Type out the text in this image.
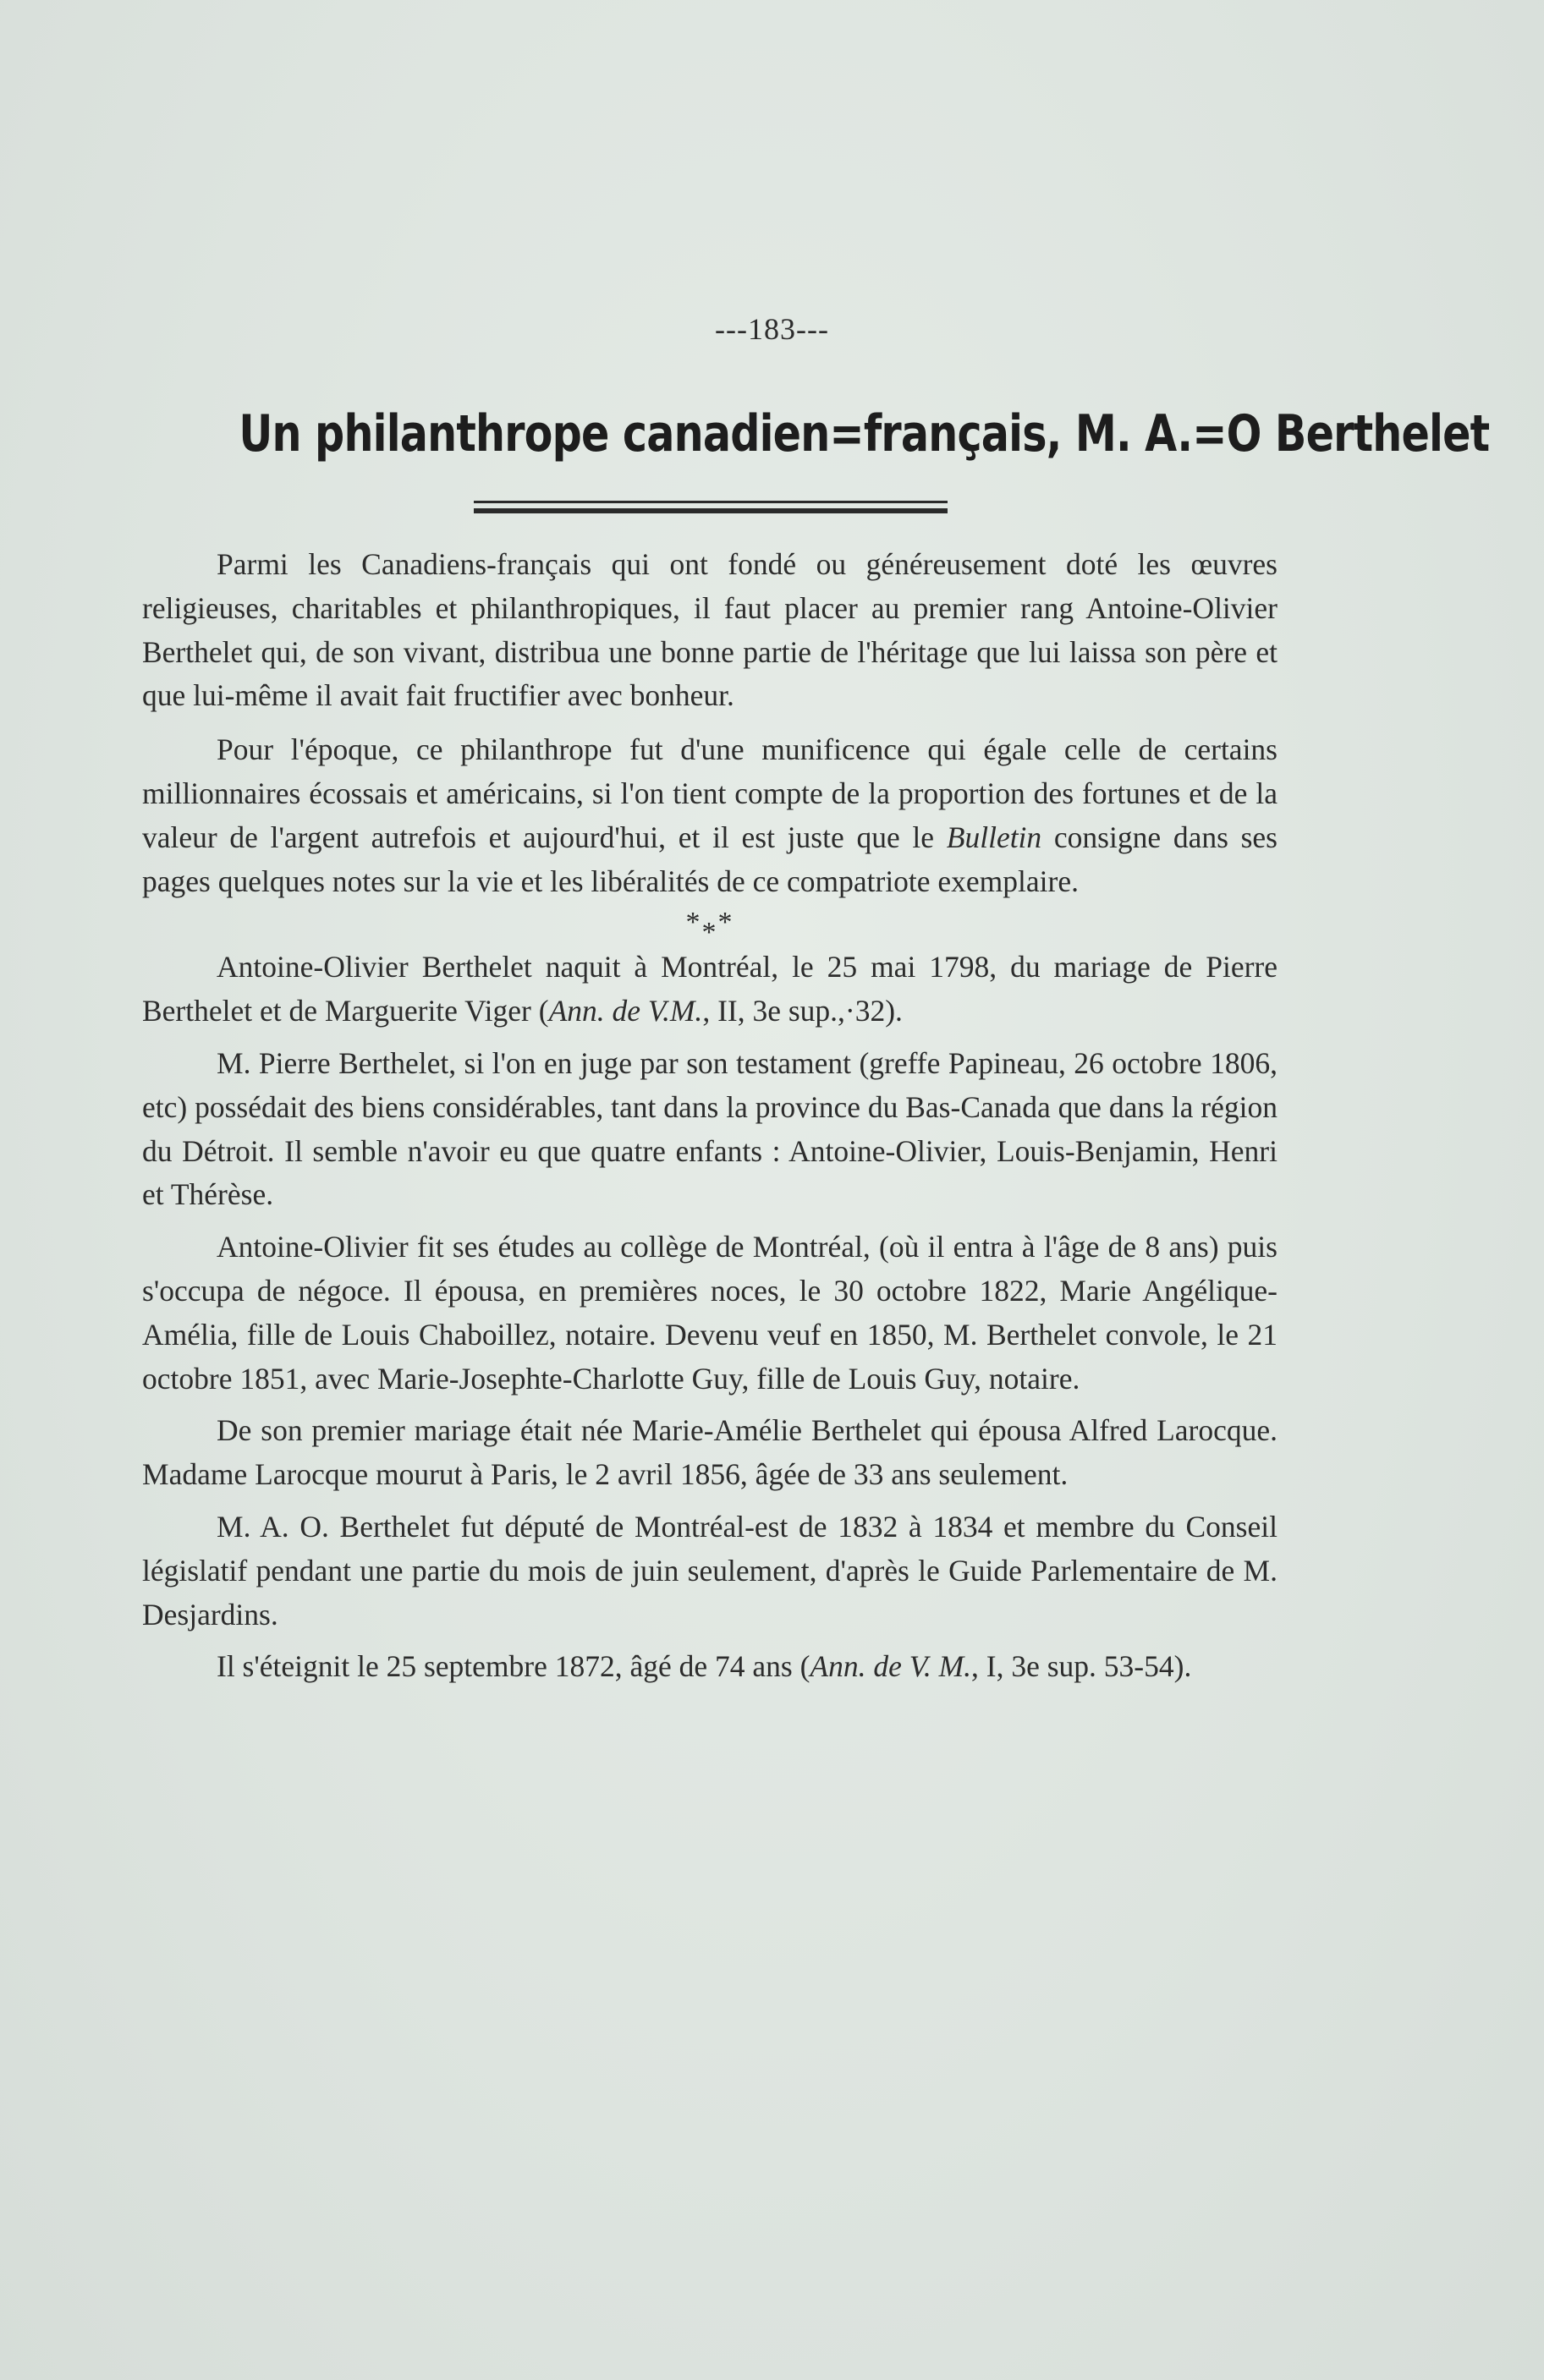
---183---
Un philanthrope canadien=français, M. A.=O Berthelet

Parmi les Canadiens-français qui ont fondé ou généreusement doté les œuvres religieuses, charitables et philanthropiques, il faut placer au premier rang Antoine-Olivier Berthelet qui, de son vivant, distribua une bonne partie de l'héritage que lui laissa son père et que lui-même il avait fait fructifier avec bonheur.

Pour l'époque, ce philanthrope fut d'une munificence qui égale celle de certains millionnaires écossais et américains, si l'on tient compte de la proportion des fortunes et de la valeur de l'argent autrefois et aujourd'hui, et il est juste que le Bulletin consigne dans ses pages quelques notes sur la vie et les libéralités de ce compatriote exemplaire.

***

Antoine-Olivier Berthelet naquit à Montréal, le 25 mai 1798, du mariage de Pierre Berthelet et de Marguerite Viger (Ann. de V.M., II, 3e sup.,·32).

M. Pierre Berthelet, si l'on en juge par son testament (greffe Papineau, 26 octobre 1806, etc) possédait des biens considérables, tant dans la province du Bas-Canada que dans la région du Détroit. Il semble n'avoir eu que quatre enfants : Antoine-Olivier, Louis-Benjamin, Henri et Thérèse.

Antoine-Olivier fit ses études au collège de Montréal, (où il entra à l'âge de 8 ans) puis s'occupa de négoce. Il épousa, en premières noces, le 30 octobre 1822, Marie Angélique-Amélia, fille de Louis Chaboillez, notaire. Devenu veuf en 1850, M. Berthelet convole, le 21 octobre 1851, avec Marie-Josephte-Charlotte Guy, fille de Louis Guy, notaire.

De son premier mariage était née Marie-Amélie Berthelet qui épousa Alfred Larocque. Madame Larocque mourut à Paris, le 2 avril 1856, âgée de 33 ans seulement.

M. A. O. Berthelet fut député de Montréal-est de 1832 à 1834 et membre du Conseil législatif pendant une partie du mois de juin seulement, d'après le Guide Parlementaire de M. Desjardins.

Il s'éteignit le 25 septembre 1872, âgé de 74 ans (Ann. de V. M., I, 3e sup. 53-54).
